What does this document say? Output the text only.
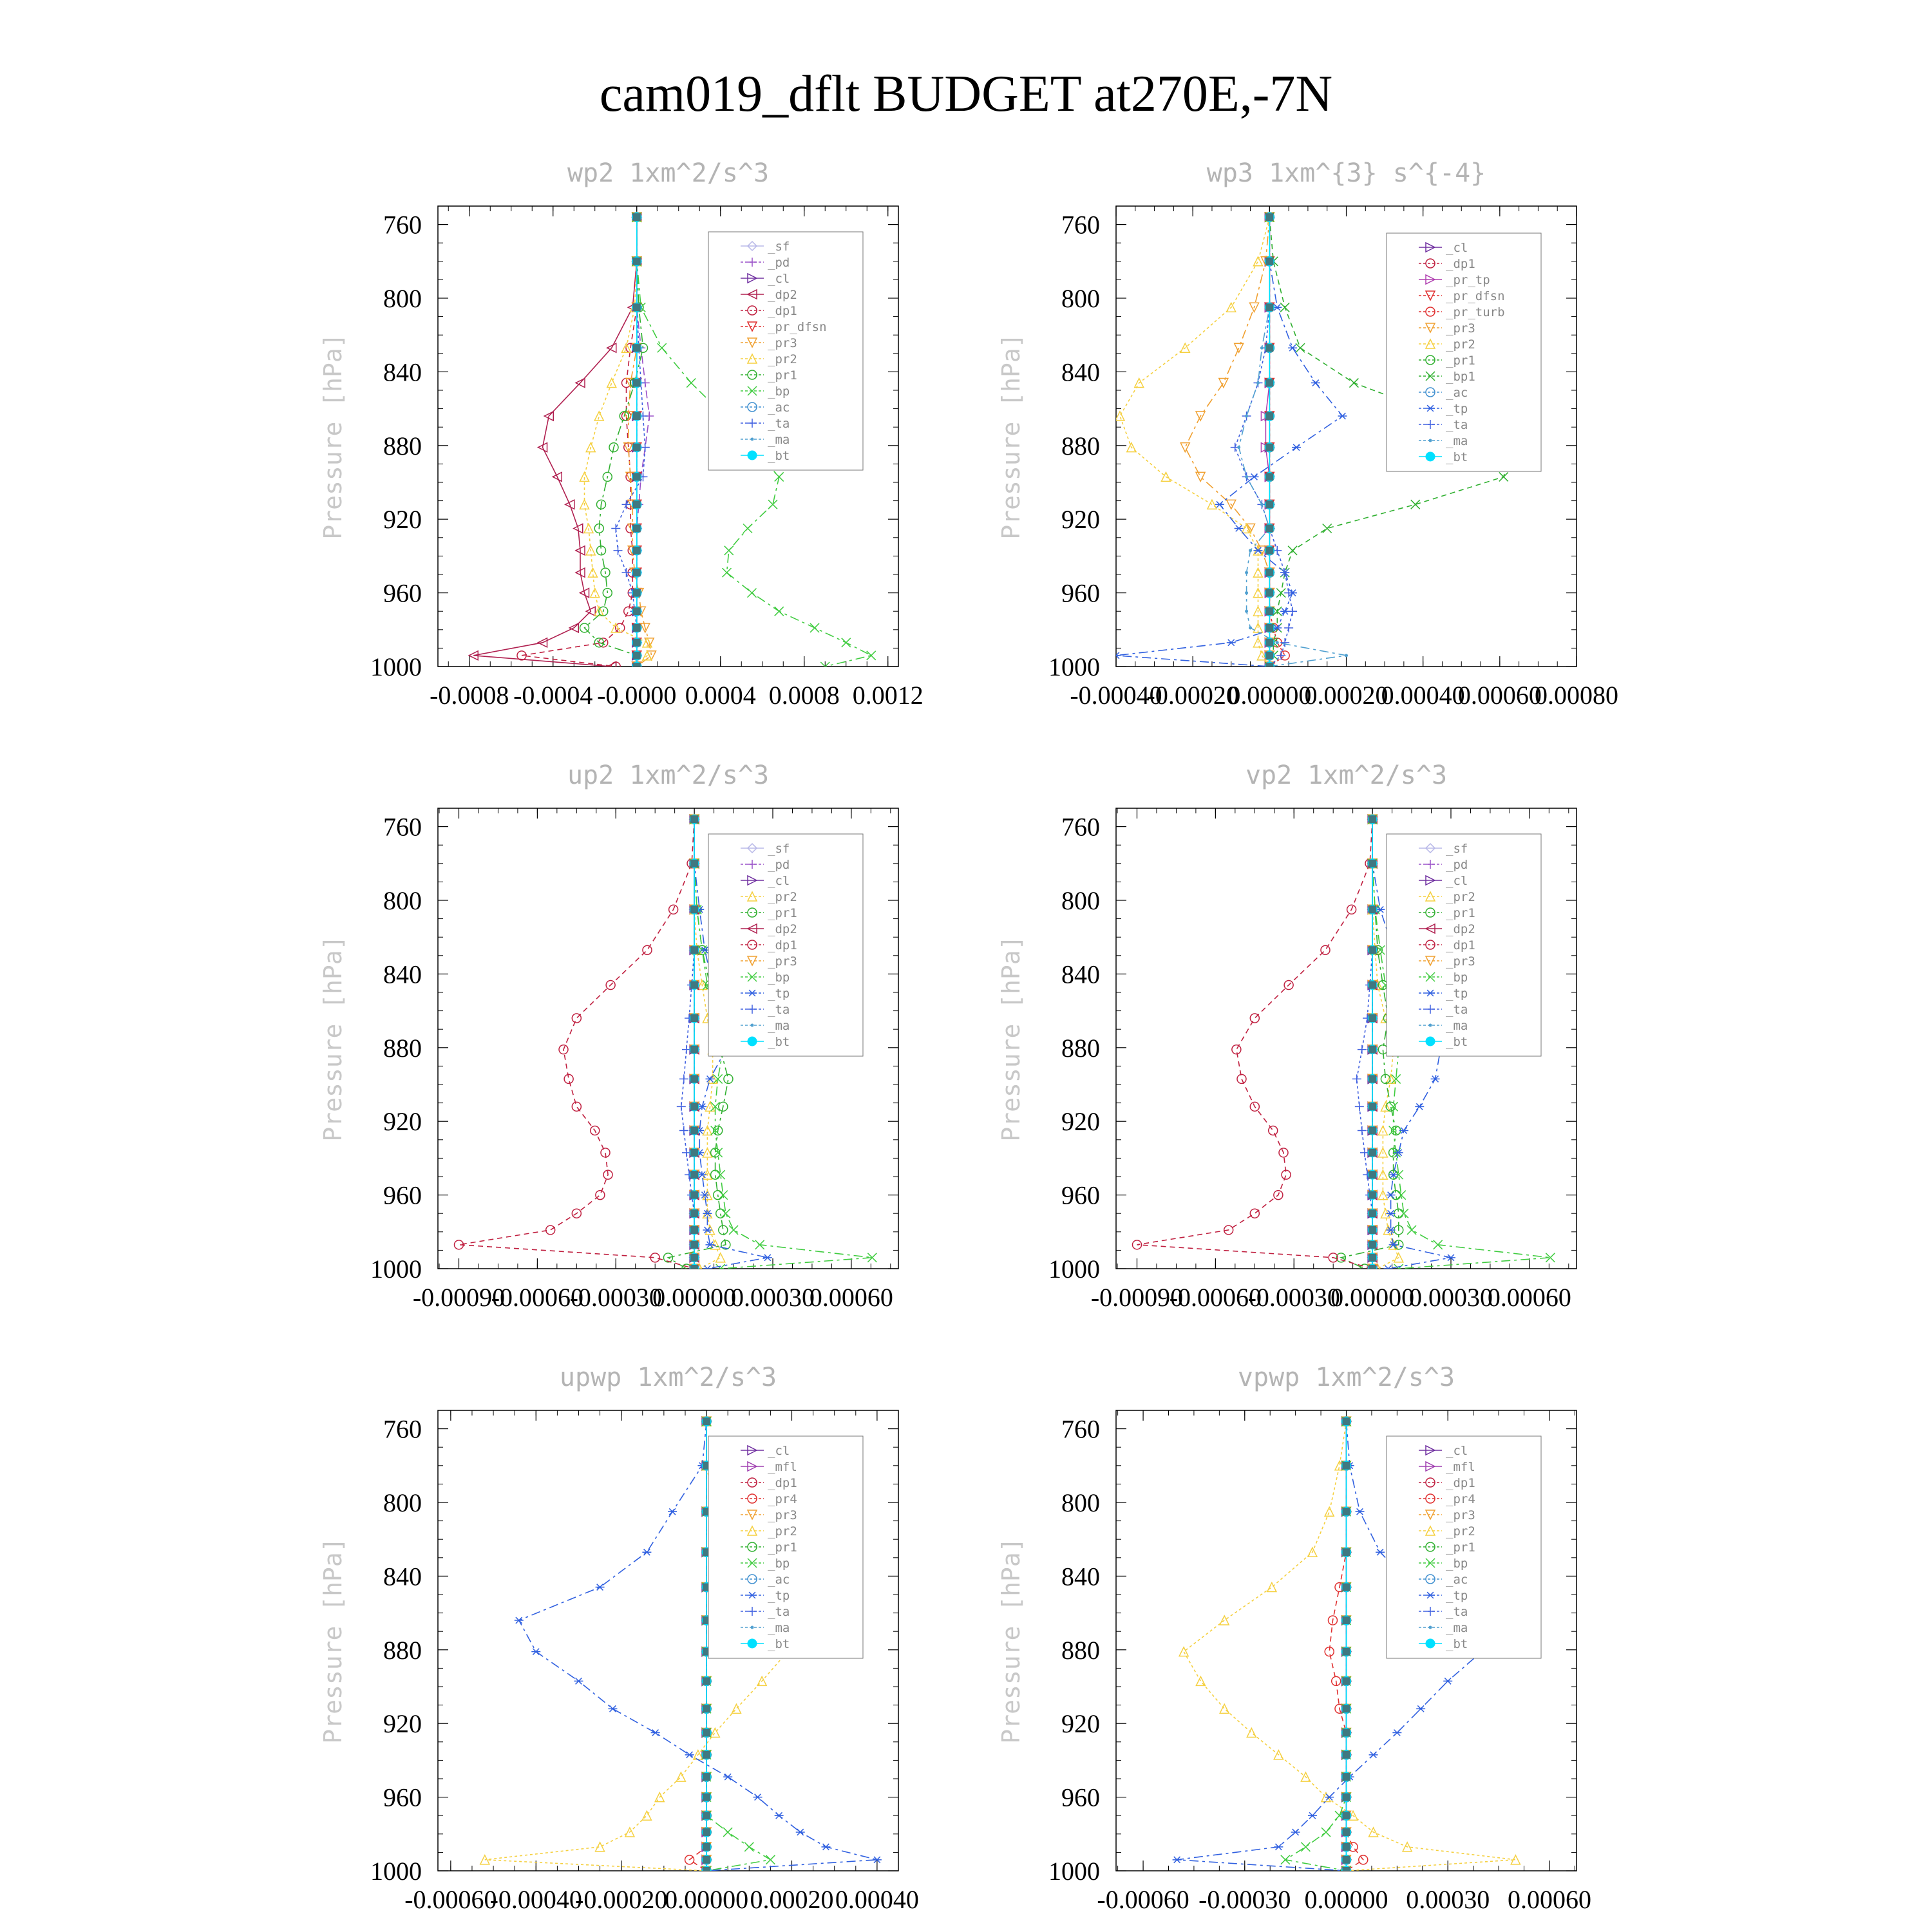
cam019_dflt BUDGET at270E,-7N
wp2 1xm^2/s^3
Pressure [hPa]
760
800
840
880
920
960
1000
-0.0008 -0.0004 -0.0000 0.0004 0.0008 0.0012
_sf
_pd
_cl
_dp2
_dp1
_pr_dfsn
_pr3
_pr2
_pr1
_bp
_ac
_ta
_ma
_bt
wp3 1xm^{3} s^{-4}
Pressure [hPa]
760
800
840
880
920
960
1000
-0.00040
-0.00020
0.00000
0.00020
0.00040
0.00060
0.00080
_cl
_dp1
_pr_tp
_pr_dfsn
_pr_turb
_pr3
_pr2
_pr1
_bp1
_ac
_tp
_ta
_ma
_bt
up2 1xm^2/s^3
Pressure [hPa]
760
800
840
880
920
960
1000
-0.00090
-0.00060
-0.00030
0.00000
0.00030
0.00060
_sf
_pd
_cl
_pr2
_pr1
_dp2
_dp1
_pr3
_bp
_tp
_ta
_ma
_bt
vp2 1xm^2/s^3
Pressure [hPa]
760
800
840
880
920
960
1000
-0.00090
-0.00060
-0.00030
0.00000
0.00030
0.00060
_sf
_pd
_cl
_pr2
_pr1
_dp2
_dp1
_pr3
_bp
_tp
_ta
_ma
_bt
upwp 1xm^2/s^3
Pressure [hPa]
760
800
840
880
920
960
1000
-0.00060
-0.00040
-0.00020
0.00000 0.00020 0.00040
_cl
_mfl
_dp1
_pr4
_pr3
_pr2
_pr1
_bp
_ac
_tp
_ta
_ma
_bt
vpwp 1xm^2/s^3
Pressure [hPa]
760
800
840
880
920
960
1000
-0.00060 -0.00030 0.00000 0.00030 0.00060
_cl
_mfl
_dp1
_pr4
_pr3
_pr2
_pr1
_bp
_ac
_tp
_ta
_ma
_bt
